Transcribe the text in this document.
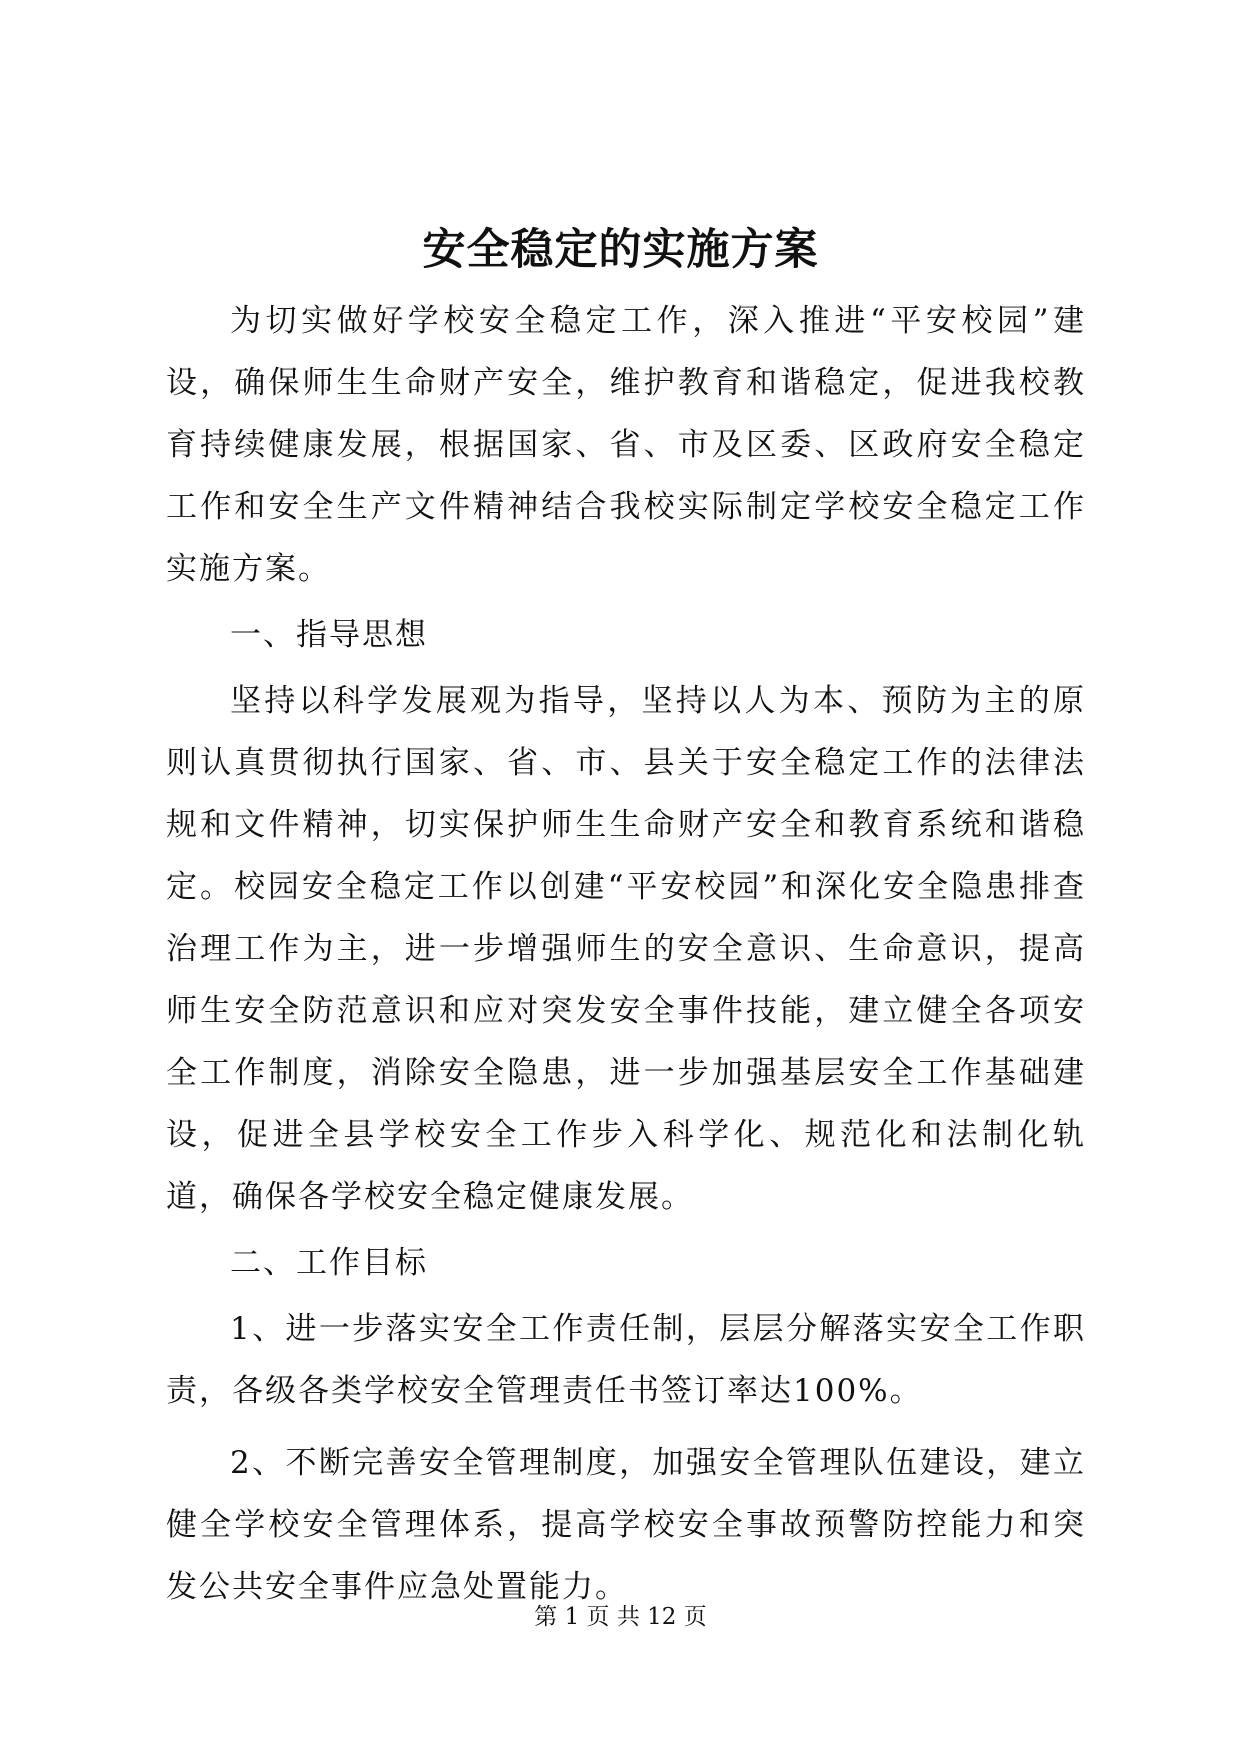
安全稳定的实施方案

为切实做好学校安全稳定工作，深入推进“平安校园”建设，确保师生生命财产安全，维护教育和谐稳定，促进我校教育持续健康发展，根据国家、省、市及区委、区政府安全稳定工作和安全生产文件精神结合我校实际制定学校安全稳定工作实施方案。

一、指导思想

坚持以科学发展观为指导，坚持以人为本、预防为主的原则认真贯彻执行国家、省、市、县关于安全稳定工作的法律法规和文件精神，切实保护师生生命财产安全和教育系统和谐稳定。校园安全稳定工作以创建“平安校园”和深化安全隐患排查治理工作为主，进一步增强师生的安全意识、生命意识，提高师生安全防范意识和应对突发安全事件技能，建立健全各项安全工作制度，消除安全隐患，进一步加强基层安全工作基础建设，促进全县学校安全工作步入科学化、规范化和法制化轨道，确保各学校安全稳定健康发展。

二、工作目标

1、进一步落实安全工作责任制，层层分解落实安全工作职责，各级各类学校安全管理责任书签订率达100%。

2、不断完善安全管理制度，加强安全管理队伍建设，建立健全学校安全管理体系，提高学校安全事故预警防控能力和突发公共安全事件应急处置能力。

第 1 页 共 12 页
